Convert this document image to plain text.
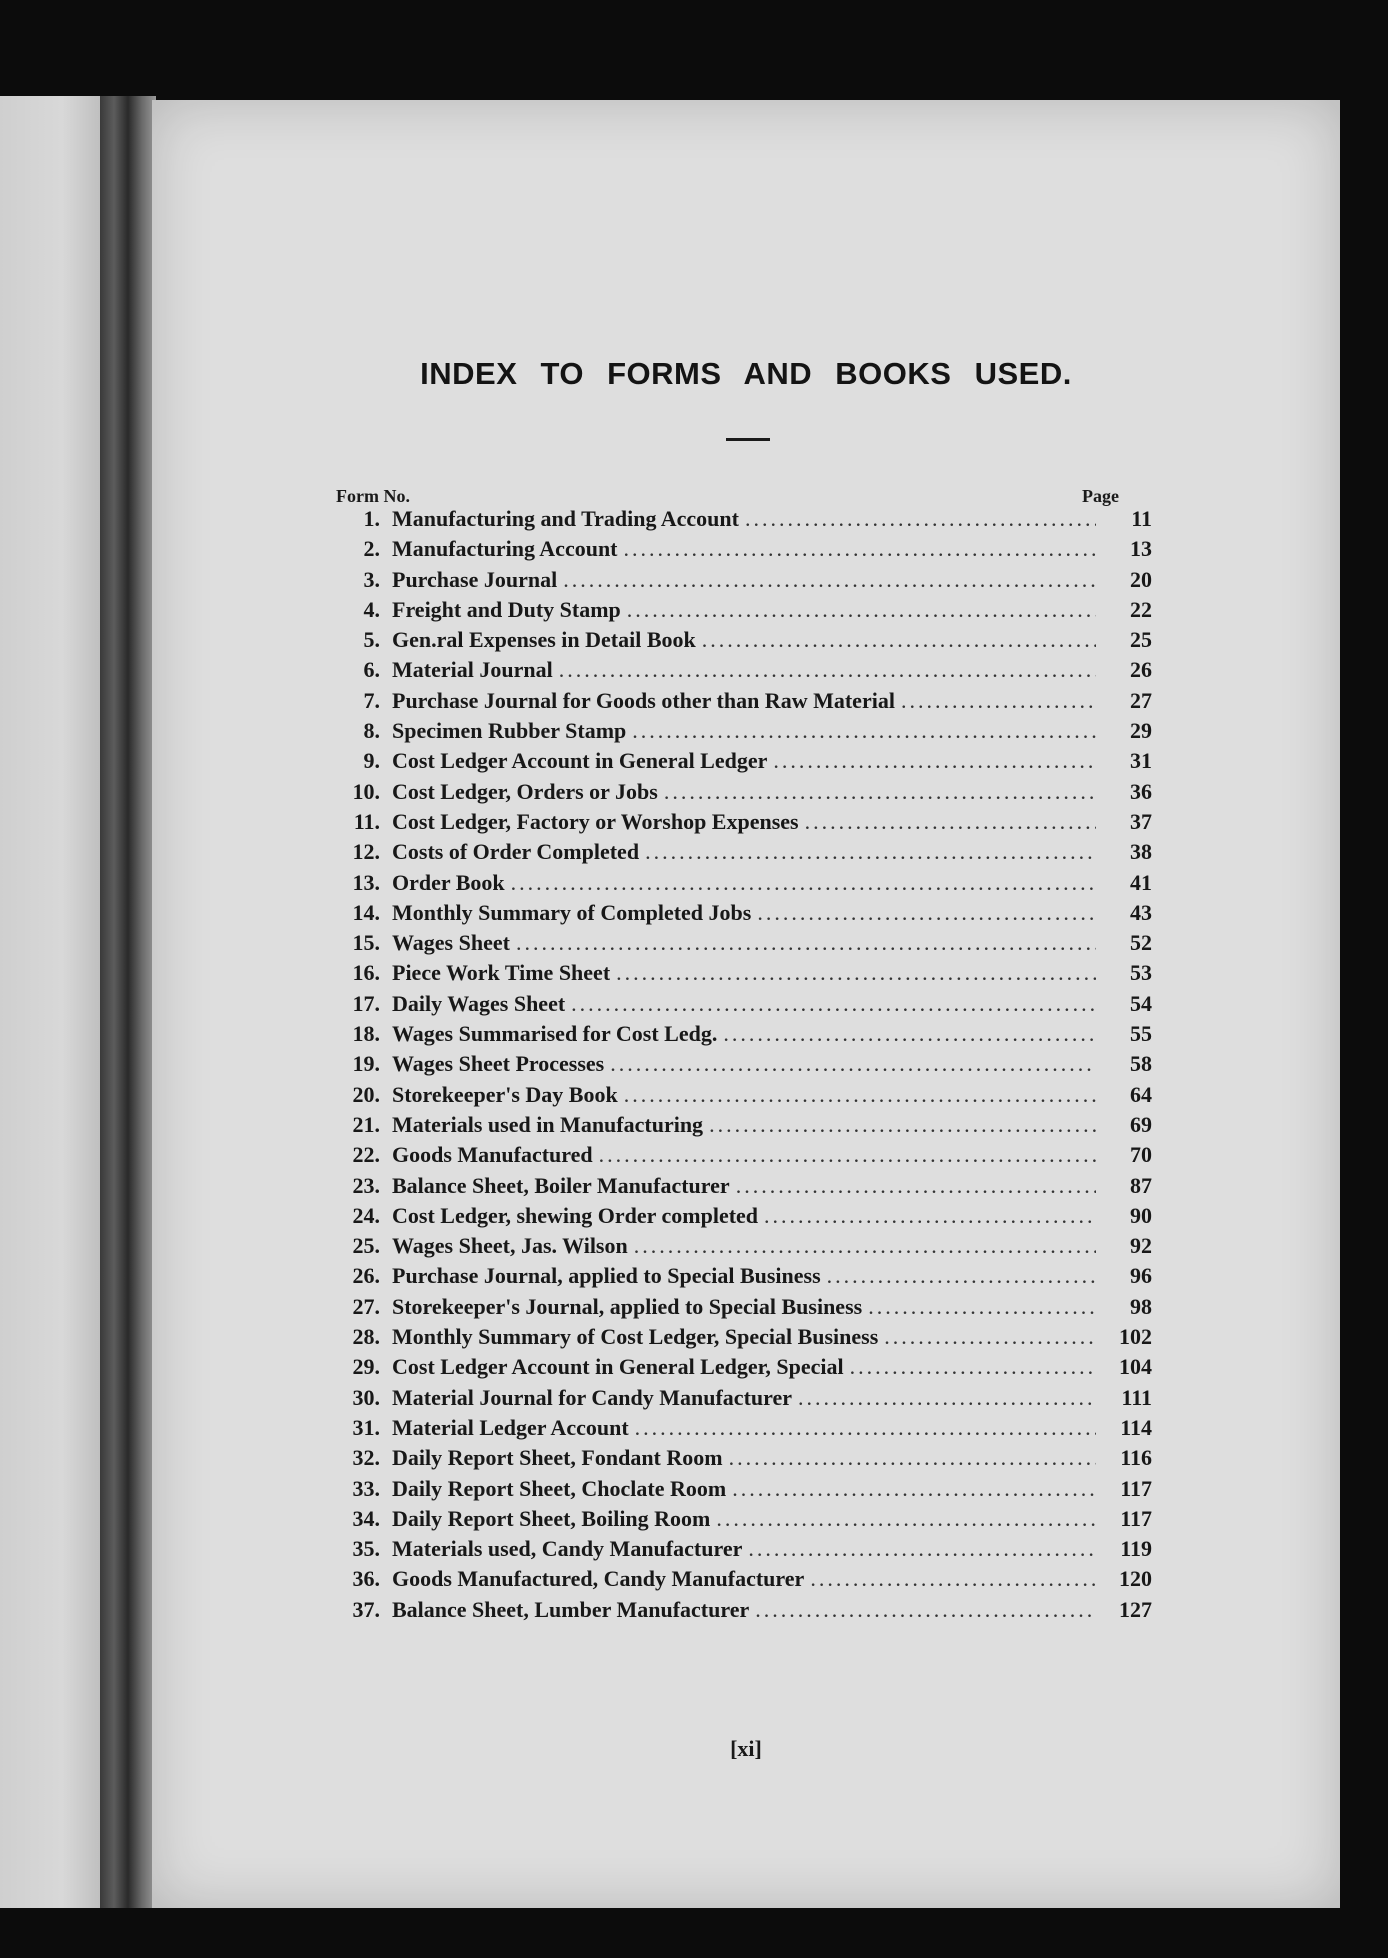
INDEX TO FORMS AND BOOKS USED.
Form No.	Page
1. Manufacturing and Trading Account .....	11
2. Manufacturing Account .....	13
3. Purchase Journal .....	20
4. Freight and Duty Stamp .....	22
5. Gen.ral Expenses in Detail Book .....	25
6. Material Journal .....	26
7. Purchase Journal for Goods other than Raw Material .....	27
8. Specimen Rubber Stamp .....	29
9. Cost Ledger Account in General Ledger .....	31
10. Cost Ledger, Orders or Jobs .....	36
11. Cost Ledger, Factory or Worshop Expenses .....	37
12. Costs of Order Completed .....	38
13. Order Book .....	41
14. Monthly Summary of Completed Jobs .....	43
15. Wages Sheet .....	52
16. Piece Work Time Sheet .....	53
17. Daily Wages Sheet .....	54
18. Wages Summarised for Cost Ledg. .....	55
19. Wages Sheet Processes .....	58
20. Storekeeper's Day Book .....	64
21. Materials used in Manufacturing .....	69
22. Goods Manufactured .....	70
23. Balance Sheet, Boiler Manufacturer .....	87
24. Cost Ledger, shewing Order completed .....	90
25. Wages Sheet, Jas. Wilson .....	92
26. Purchase Journal, applied to Special Business .....	96
27. Storekeeper's Journal, applied to Special Business .....	98
28. Monthly Summary of Cost Ledger, Special Business .....	102
29. Cost Ledger Account in General Ledger, Special .....	104
30. Material Journal for Candy Manufacturer .....	111
31. Material Ledger Account .....	114
32. Daily Report Sheet, Fondant Room .....	116
33. Daily Report Sheet, Choclate Room .....	117
34. Daily Report Sheet, Boiling Room .....	117
35. Materials used, Candy Manufacturer .....	119
36. Goods Manufactured, Candy Manufacturer .....	120
37. Balance Sheet, Lumber Manufacturer .....	127
[xi]
